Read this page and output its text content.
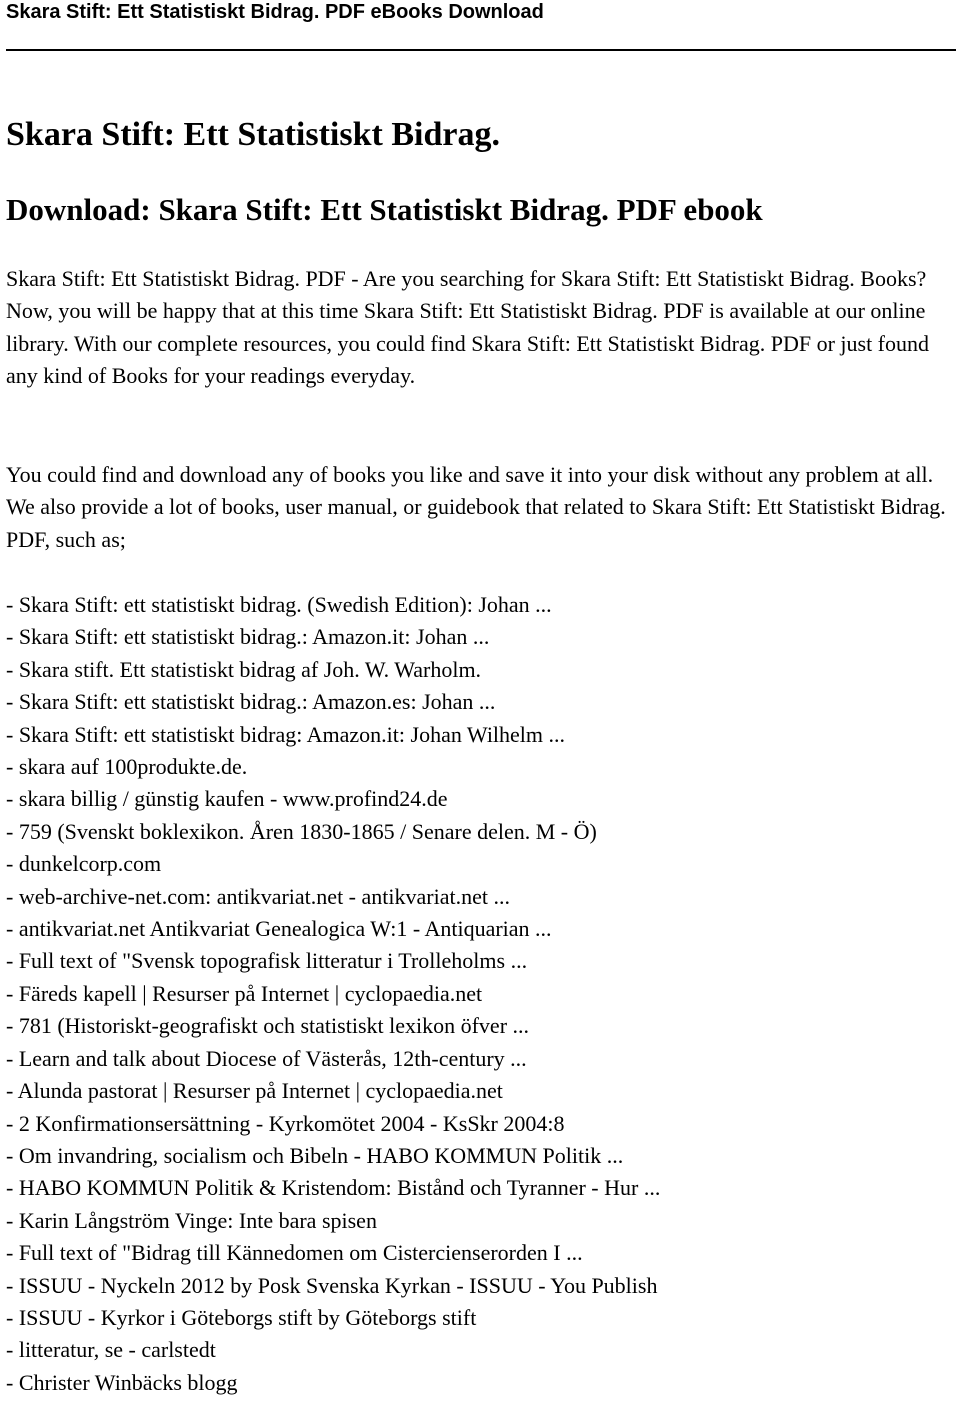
Skara Stift: Ett Statistiskt Bidrag. PDF eBooks Download
Skara Stift: Ett Statistiskt Bidrag.
Download: Skara Stift: Ett Statistiskt Bidrag. PDF ebook

Skara Stift: Ett Statistiskt Bidrag. PDF - Are you searching for Skara Stift: Ett Statistiskt Bidrag. Books? Now, you will be happy that at this time Skara Stift: Ett Statistiskt Bidrag. PDF is available at our online library. With our complete resources, you could find Skara Stift: Ett Statistiskt Bidrag. PDF or just found any kind of Books for your readings everyday.

You could find and download any of books you like and save it into your disk without any problem at all. We also provide a lot of books, user manual, or guidebook that related to Skara Stift: Ett Statistiskt Bidrag. PDF, such as;

- Skara Stift: ett statistiskt bidrag. (Swedish Edition): Johan ...
- Skara Stift: ett statistiskt bidrag.: Amazon.it: Johan ...
- Skara stift. Ett statistiskt bidrag af Joh. W. Warholm.
- Skara Stift: ett statistiskt bidrag.: Amazon.es: Johan ...
- Skara Stift: ett statistiskt bidrag: Amazon.it: Johan Wilhelm ...
- skara auf 100produkte.de.
- skara billig / günstig kaufen - www.profind24.de
- 759 (Svenskt boklexikon. Åren 1830-1865 / Senare delen. M - Ö)
- dunkelcorp.com
- web-archive-net.com: antikvariat.net - antikvariat.net ...
- antikvariat.net Antikvariat Genealogica W:1 - Antiquarian ...
- Full text of "Svensk topografisk litteratur i Trolleholms ...
- Färeds kapell | Resurser på Internet | cyclopaedia.net
- 781 (Historiskt-geografiskt och statistiskt lexikon öfver ...
- Learn and talk about Diocese of Västerås, 12th-century ...
- Alunda pastorat | Resurser på Internet | cyclopaedia.net
- 2 Konfirmationsersättning - Kyrkomötet 2004 - KsSkr 2004:8
- Om invandring, socialism och Bibeln - HABO KOMMUN Politik ...
- HABO KOMMUN Politik & Kristendom: Bistånd och Tyranner - Hur ...
- Karin Långström Vinge: Inte bara spisen
- Full text of "Bidrag till Kännedomen om Cistercienserorden I ...
- ISSUU - Nyckeln 2012 by Posk Svenska Kyrkan - ISSUU - You Publish
- ISSUU - Kyrkor i Göteborgs stift by Göteborgs stift
- litteratur, se - carlstedt
- Christer Winbäcks blogg
